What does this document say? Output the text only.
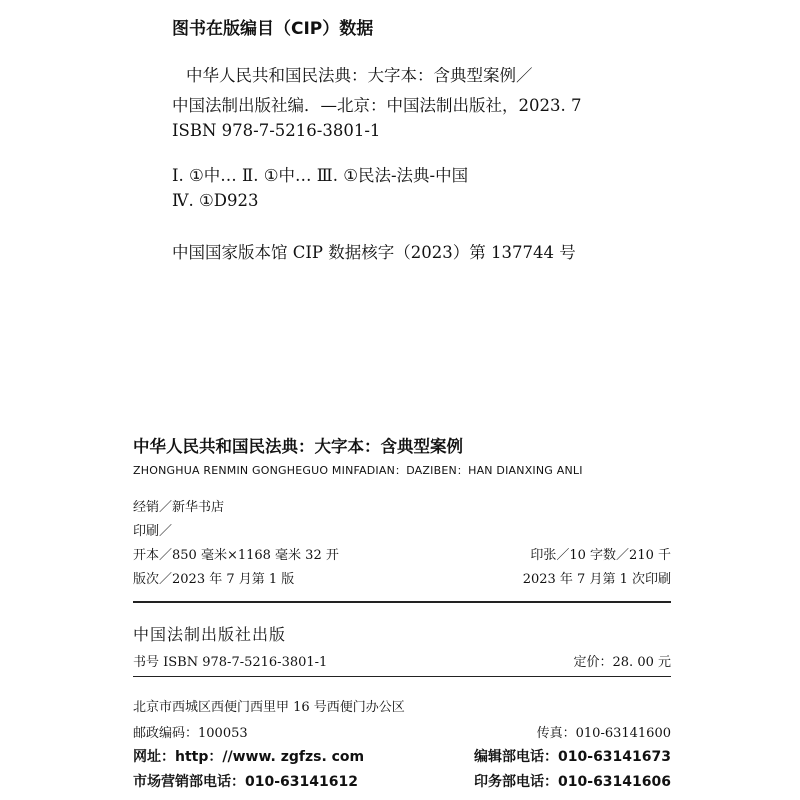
图书在版编目（CIP）数据
中华人民共和国民法典：大字本：含典型案例／
中国法制出版社编．—北京：中国法制出版社，2023. 7
ISBN 978-7-5216-3801-1
Ⅰ. ①中… Ⅱ. ①中… Ⅲ. ①民法-法典-中国
Ⅳ. ①D923
中国国家版本馆 CIP 数据核字（2023）第 137744 号
中华人民共和国民法典：大字本：含典型案例
ZHONGHUA RENMIN GONGHEGUO MINFADIAN：DAZIBEN：HAN DIANXING ANLI
经销／新华书店
印刷／
开本／850 毫米×1168 毫米 32 开	印张／10 字数／210 千
版次／2023 年 7 月第 1 版	2023 年 7 月第 1 次印刷
中国法制出版社出版
书号 ISBN 978-7-5216-3801-1	定价：28. 00 元
北京市西城区西便门西里甲 16 号西便门办公区
邮政编码：100053	传真：010-63141600
网址：http：//www. zgfzs. com	编辑部电话：010-63141673
市场营销部电话：010-63141612	印务部电话：010-63141606
